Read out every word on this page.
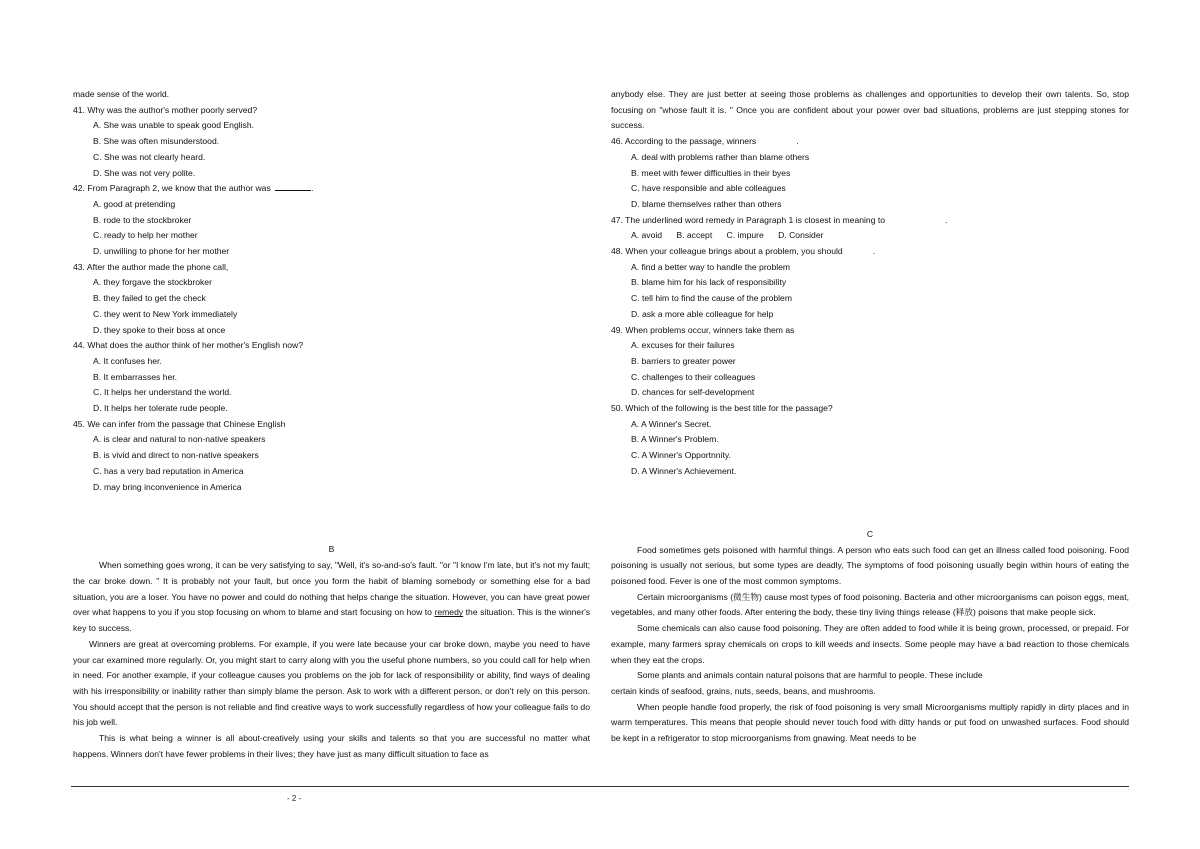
made sense of the world.
41. Why was the author's mother poorly served?
A. She was unable to speak good English.
B. She was often misunderstood.
C. She was not clearly heard.
D. She was not very polite.
42. From Paragraph 2, we know that the author was	.
A. good at pretending
B. rode to the stockbroker
C. ready to help her mother
D. unwilling to phone for her mother
43. After the author made the phone call,
A. they forgave the stockbroker
B. they failed to get the check
C. they went to New York immediately
D. they spoke to their boss at once
44. What does the author think of her mother's English now?
A. It confuses her.
B. It embarrasses her.
C. It helps her understand the world.
D. It helps her tolerate rude people.
45. We can infer from the passage that Chinese English
A. is clear and natural to non-native speakers
B. is vivid and direct to non-native speakers
C. has a very bad reputation in America
D. may bring inconvenience in America
B
When something goes wrong, it can be very satisfying to say, "Well, it's so-and-so's fault. "or "I know I'm late, but it's not my fault; the car broke down. " It is probably not your fault, but once you form the habit of blaming somebody or something else for a bad situation, you are a loser. You have no power and could do nothing that helps change the situation. However, you can have great power over what happens to you if you stop focusing on whom to blame and start focusing on how to remedy the situation. This is the winner's key to success.
Winners are great at overcoming problems. For example, if you were late because your car broke down, maybe you need to have your car examined more regularly. Or, you might start to carry along with you the useful phone numbers, so you could call for help when in need. For another example, if your colleague causes you problems on the job for lack of responsibility or ability, find ways of dealing with his irresponsibility or inability rather than simply blame the person. Ask to work with a different person, or don't rely on this person. You should accept that the person is not reliable and find creative ways to work successfully regardless of how your colleague fails to do his job well.
This is what being a winner is all about-creatively using your skills and talents so that you are successful no matter what happens. Winners don't have fewer problems in their lives; they have just as many difficult situation to face as
anybody else. They are just better at seeing those problems as challenges and opportunities to develop their own talents. So, stop focusing on "whose fault it is. " Once you are confident about your power over bad situations, problems are just stepping stones for success.
46. According to the passage, winners	.
A. deal with problems rather than blame others
B. meet with fewer difficulties in their byes
C. have responsible and able colleagues
D. blame themselves rather than others
47. The underlined word remedy in Paragraph 1 is closest in meaning to	.
A. avoid      B. accept      C. impure      D. Consider
48. When your colleague brings about a problem, you should	.
A. find a better way to handle the problem
B. blame him for his lack of responsibility
C. tell him to find the cause of the problem
D. ask a more able colleague for help
49. When problems occur, winners take them as
A. excuses for their failures
B. barriers to greater power
C. challenges to their colleagues
D. chances for self-development
50. Which of the following is the best title for the passage?
A. A Winner's Secret.
B. A Winner's Problem.
C. A Winner's Opportnnity.
D. A Winner's Achievement.
C
Food sometimes gets poisoned with harmful things. A person who eats such food can get an illness called food poisoning. Food poisoning is usually not serious, but some types are deadly, The symptoms of food poisoning usually begin within hours of eating the poisoned food. Fever is one of the most common symptoms.
Certain microorganisms (微生物) cause most types of food poisoning. Bacteria and other microorganisms can poison eggs, meat, vegetables, and many other foods. After entering the body, these tiny living things release (释放) poisons that make people sick.
Some chemicals can also cause food poisoning. They are often added to food while it is being grown, processed, or prepaid. For example, many farmers spray chemicals on crops to kill weeds and insects. Some people may have a bad reaction to those chemicals when they eat the crops.
Some plants and animals contain natural poisons that are harmful to people. These include
certain kinds of seafood, grains, nuts, seeds, beans, and mushrooms.
When people handle food properly, the risk of food poisoning is very small Microorganisms multiply rapidly in dirty places and in warm temperatures. This means that people should never touch food with ditty hands or put food on unwashed surfaces. Food should be kept in a refrigerator to stop microorganisms from gnawing. Meat needs to be
- 2 -
